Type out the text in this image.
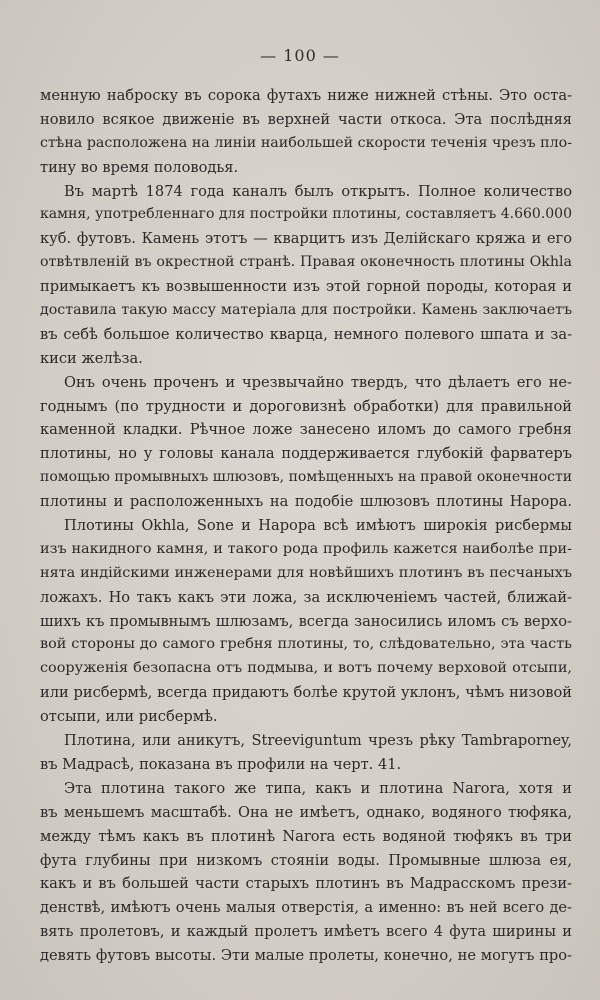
— 100 —
менную наброску въ сорока футахъ ниже нижней стѣны. Это оста-
новило всякое движеніе въ верхней части откоса. Эта послѣдняя
стѣна расположена на линіи наибольшей скорости теченія чрезъ пло-
тину во время половодья.
Въ мартѣ 1874 года каналъ былъ открытъ. Полное количество
камня, употребленнаго для постройки плотины, составляетъ 4.660.000
куб. футовъ. Камень этотъ — кварцитъ изъ Делійскаго кряжа и его
отвѣтвленій въ окрестной странѣ. Правая оконечность плотины Okhla
примыкаетъ къ возвышенности изъ этой горной породы, которая и
доставила такую массу матеріала для постройки. Камень заключаетъ
въ себѣ большое количество кварца, немного полевого шпата и за-
киси желѣза.
Онъ очень проченъ и чрезвычайно твердъ, что дѣлаетъ его не-
годнымъ (по трудности и дороговизнѣ обработки) для правильной
каменной кладки. Рѣчное ложе занесено иломъ до самого гребня
плотины, но у головы канала поддерживается глубокій фарватеръ
помощью промывныхъ шлюзовъ, помѣщенныхъ на правой оконечности
плотины и расположенныхъ на подобіе шлюзовъ плотины Нарора.
Плотины Okhla, Sone и Нарора всѣ имѣютъ широкія рисбермы
изъ накидного камня, и такого рода профиль кажется наиболѣе при-
нята индійскими инженерами для новѣйшихъ плотинъ въ песчаныхъ
ложахъ. Но такъ какъ эти ложа, за исключеніемъ частей, ближай-
шихъ къ промывнымъ шлюзамъ, всегда заносились иломъ съ верхо-
вой стороны до самого гребня плотины, то, слѣдовательно, эта часть
сооруженія безопасна отъ подмыва, и вотъ почему верховой отсыпи,
или рисбермѣ, всегда придаютъ болѣе крутой уклонъ, чѣмъ низовой
отсыпи, или рисбермѣ.
Плотина, или аникутъ, Streeviguntum чрезъ рѣку Tambraporney,
въ Мадрасѣ, показана въ профили на черт. 41.
Эта плотина такого же типа, какъ и плотина Narora, хотя и
въ меньшемъ масштабѣ. Она не имѣетъ, однако, водяного тюфяка,
между тѣмъ какъ въ плотинѣ Narora есть водяной тюфякъ въ три
фута глубины при низкомъ стояніи воды. Промывные шлюза ея,
какъ и въ большей части старыхъ плотинъ въ Мадрасскомъ прези-
денствѣ, имѣютъ очень малыя отверстія, а именно: въ ней всего де-
вять пролетовъ, и каждый пролетъ имѣетъ всего 4 фута ширины и
девять футовъ высоты. Эти малые пролеты, конечно, не могутъ про-
